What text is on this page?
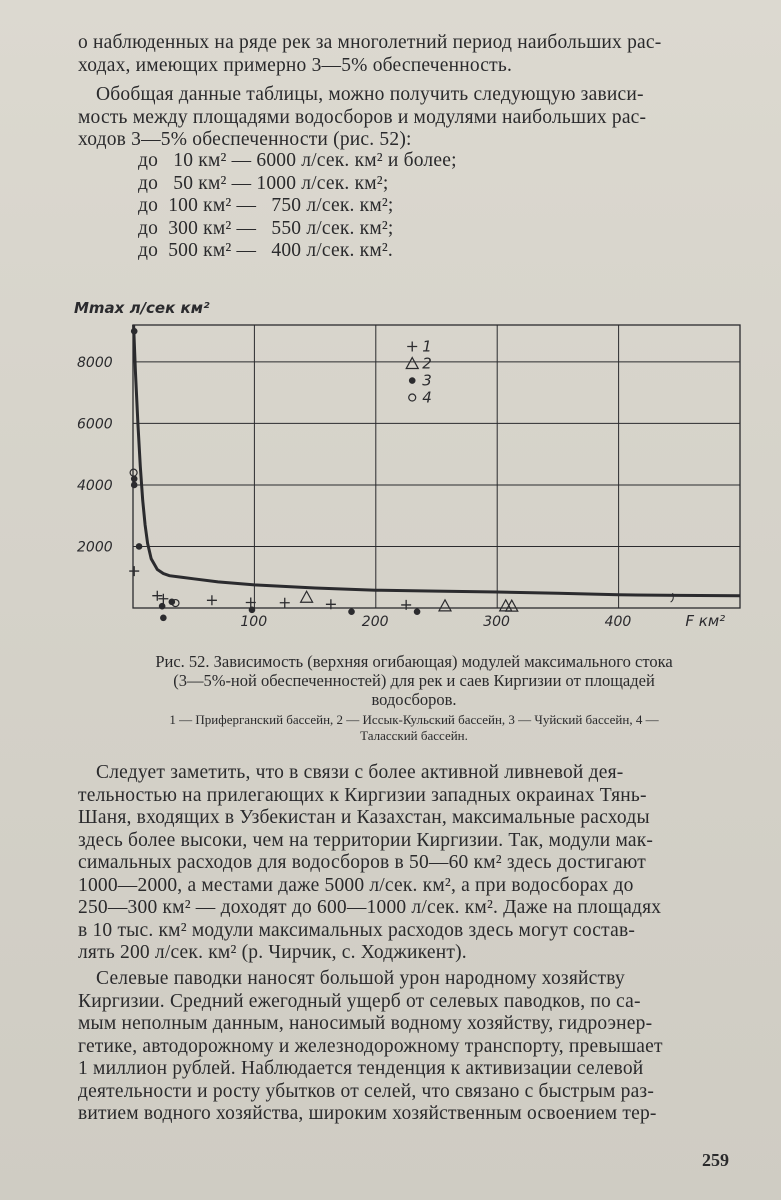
о наблюденных на ряде рек за многолетний период наибольших рас-
ходах, имеющих примерно 3—5% обеспеченность.
Обобщая данные таблицы, можно получить следующую зависи-
мость между площадями водосборов и модулями наибольших рас-
ходов 3—5% обеспеченности (рис. 52):
до   10 км² — 6000 л/сек. км² и более;
до   50 км² — 1000 л/сек. км²;
до  100 км² —   750 л/сек. км²;
до  300 км² —   550 л/сек. км²;
до  500 км² —   400 л/сек. км².
100	200	300	400
2000
4000
6000
8000
Mmax л/сек км²
F км²
1
2
3
4
Рис. 52. Зависимость (верхняя огибающая) модулей максимального стока
(3—5%-ной обеспеченностей) для рек и саев Киргизии от площадей
водосборов.
1 — Приферганский бассейн, 2 — Иссык-Кульский бассейн, 3 — Чуйский бассейн, 4 —
Таласский бассейн.
Следует заметить, что в связи с более активной ливневой дея-
тельностью на прилегающих к Киргизии западных окраинах Тянь-
Шаня, входящих в Узбекистан и Казахстан, максимальные расходы
здесь более высоки, чем на территории Киргизии. Так, модули мак-
симальных расходов для водосборов в 50—60 км² здесь достигают
1000—2000, а местами даже 5000 л/сек. км², а при водосборах до
250—300 км² — доходят до 600—1000 л/сек. км². Даже на площадях
в 10 тыс. км² модули максимальных расходов здесь могут состав-
лять 200 л/сек. км² (р. Чирчик, с. Ходжикент).
Селевые паводки наносят большой урон народному хозяйству
Киргизии. Средний ежегодный ущерб от селевых паводков, по са-
мым неполным данным, наносимый водному хозяйству, гидроэнер-
гетике, автодорожному и железнодорожному транспорту, превышает
1 миллион рублей. Наблюдается тенденция к активизации селевой
деятельности и росту убытков от селей, что связано с быстрым раз-
витием водного хозяйства, широким хозяйственным освоением тер-
259
